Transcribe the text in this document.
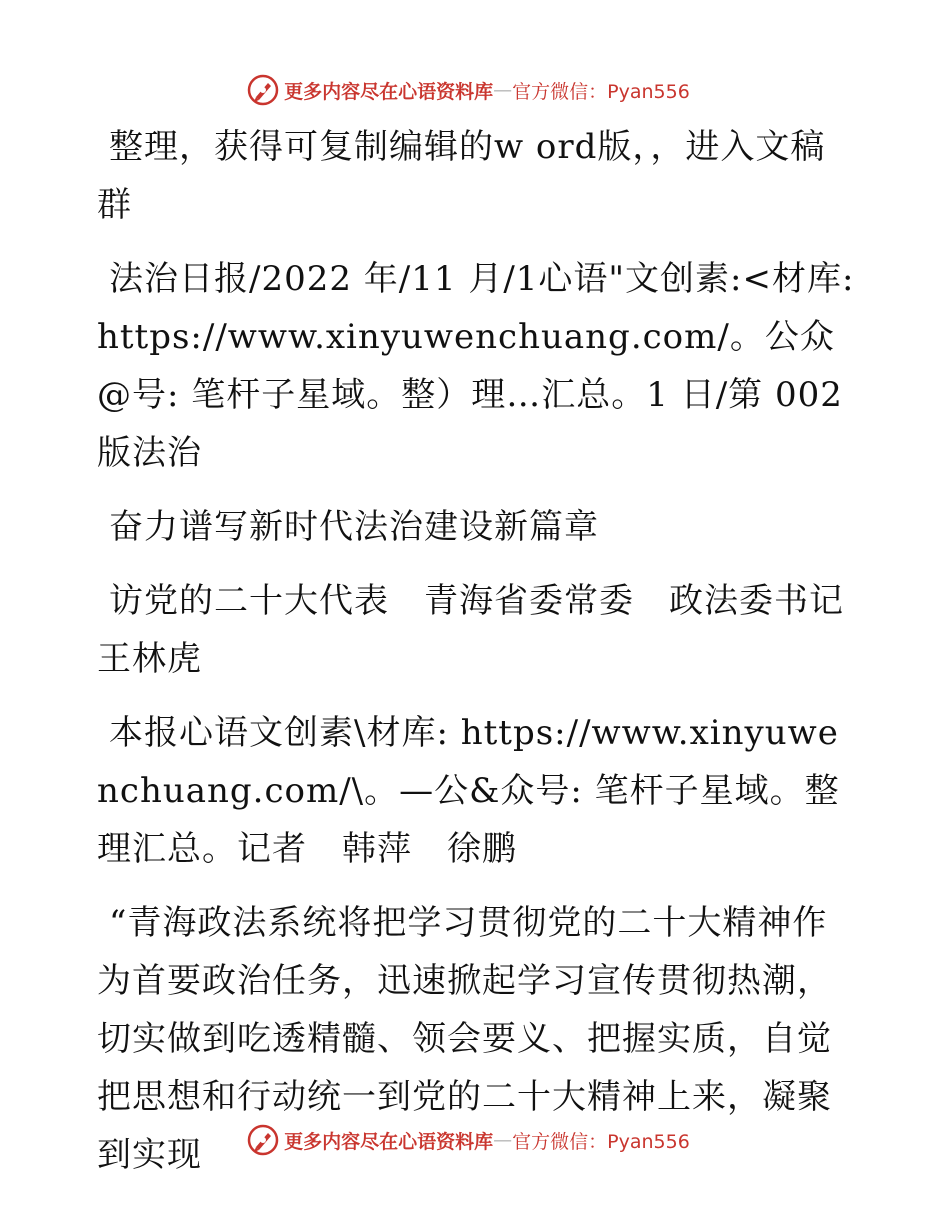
更多内容尽在心语资料库 — 官方微信：Pyan556

整理，获得可复制编辑的w ord版，，进入文稿群

法治日报/2022 年/11 月/1心语"文创素:<材库: https://www.xinyuwenchuang.com/。公众@号: 笔杆子星域。整）理…汇总。1 日/第 002 版法治

奋力谱写新时代法治建设新篇章

访党的二十大代表　青海省委常委　政法委书记王林虎

本报心语文创素\材库: https://www.xinyuwenchuang.com/\。—公&众号: 笔杆子星域。整理汇总。记者　韩萍　徐鹏

“青海政法系统将把学习贯彻党的二十大精神作为首要政治任务，迅速掀起学习宣传贯彻热潮，切实做到吃透精髓、领会要义、把握实质，自觉把思想和行动统一到党的二十大精神上来，凝聚到实现	更多内容尽在心语资料库 — 官方微信：Pyan556
